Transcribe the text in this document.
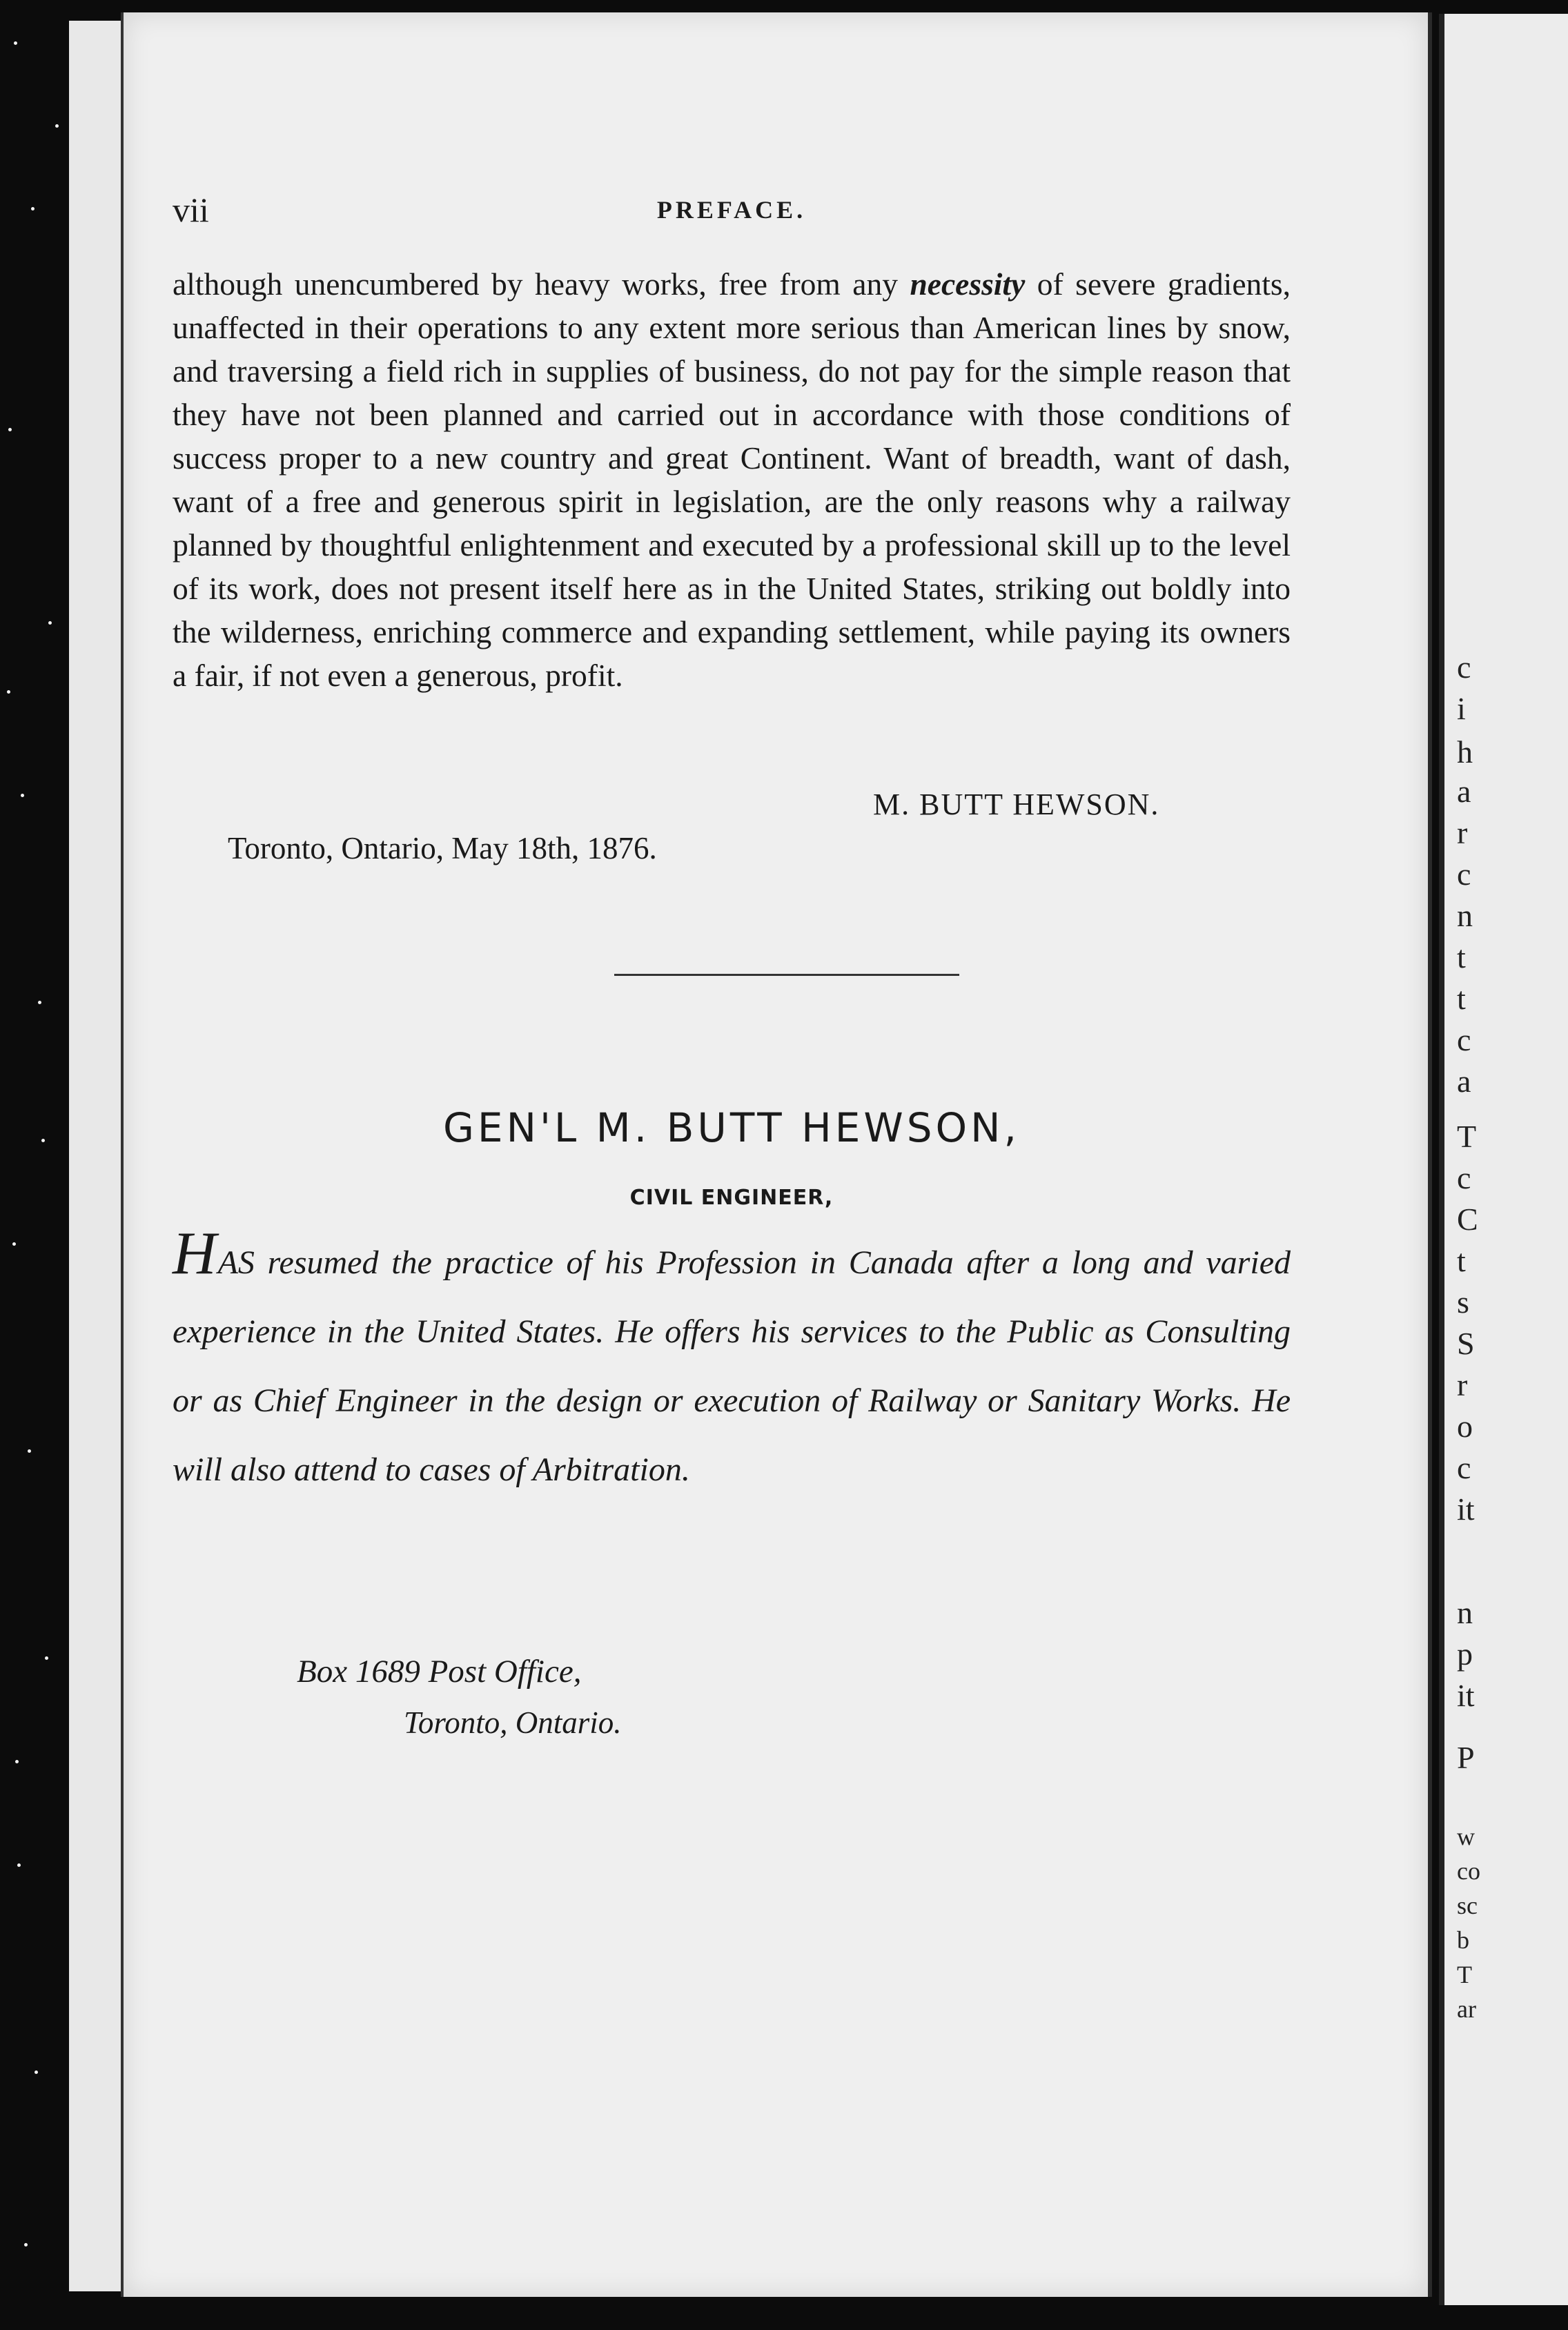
c
i
h
a
r
c
n
t
t
c
a
T
c
C
t
s
S
r
o
c
it
n
p
it
P
w
co
sc
b
T
ar
vii	PREFACE.

although unencumbered by heavy works, free from any necessity of severe gradients, unaffected in their operations to any extent more serious than American lines by snow, and traversing a field rich in supplies of business, do not pay for the simple reason that they have not been planned and carried out in accordance with those conditions of success proper to a new country and great Continent. Want of breadth, want of dash, want of a free and generous spirit in legislation, are the only reasons why a railway planned by thoughtful enlightenment and executed by a professional skill up to the level of its work, does not present itself here as in the United States, striking out boldly into the wilderness, enriching commerce and expanding settlement, while paying its owners a fair, if not even a generous, profit.

M. BUTT HEWSON.
Toronto, Ontario, May 18th, 1876.
GEN'L M. BUTT HEWSON,
CIVIL ENGINEER,
HAS resumed the practice of his Profession in Canada after a long and varied experience in the United States. He offers his services to the Public as Consulting or as Chief Engineer in the design or execution of Railway or Sanitary Works. He will also attend to cases of Arbitration.
Box 1689 Post Office,
Toronto, Ontario.
